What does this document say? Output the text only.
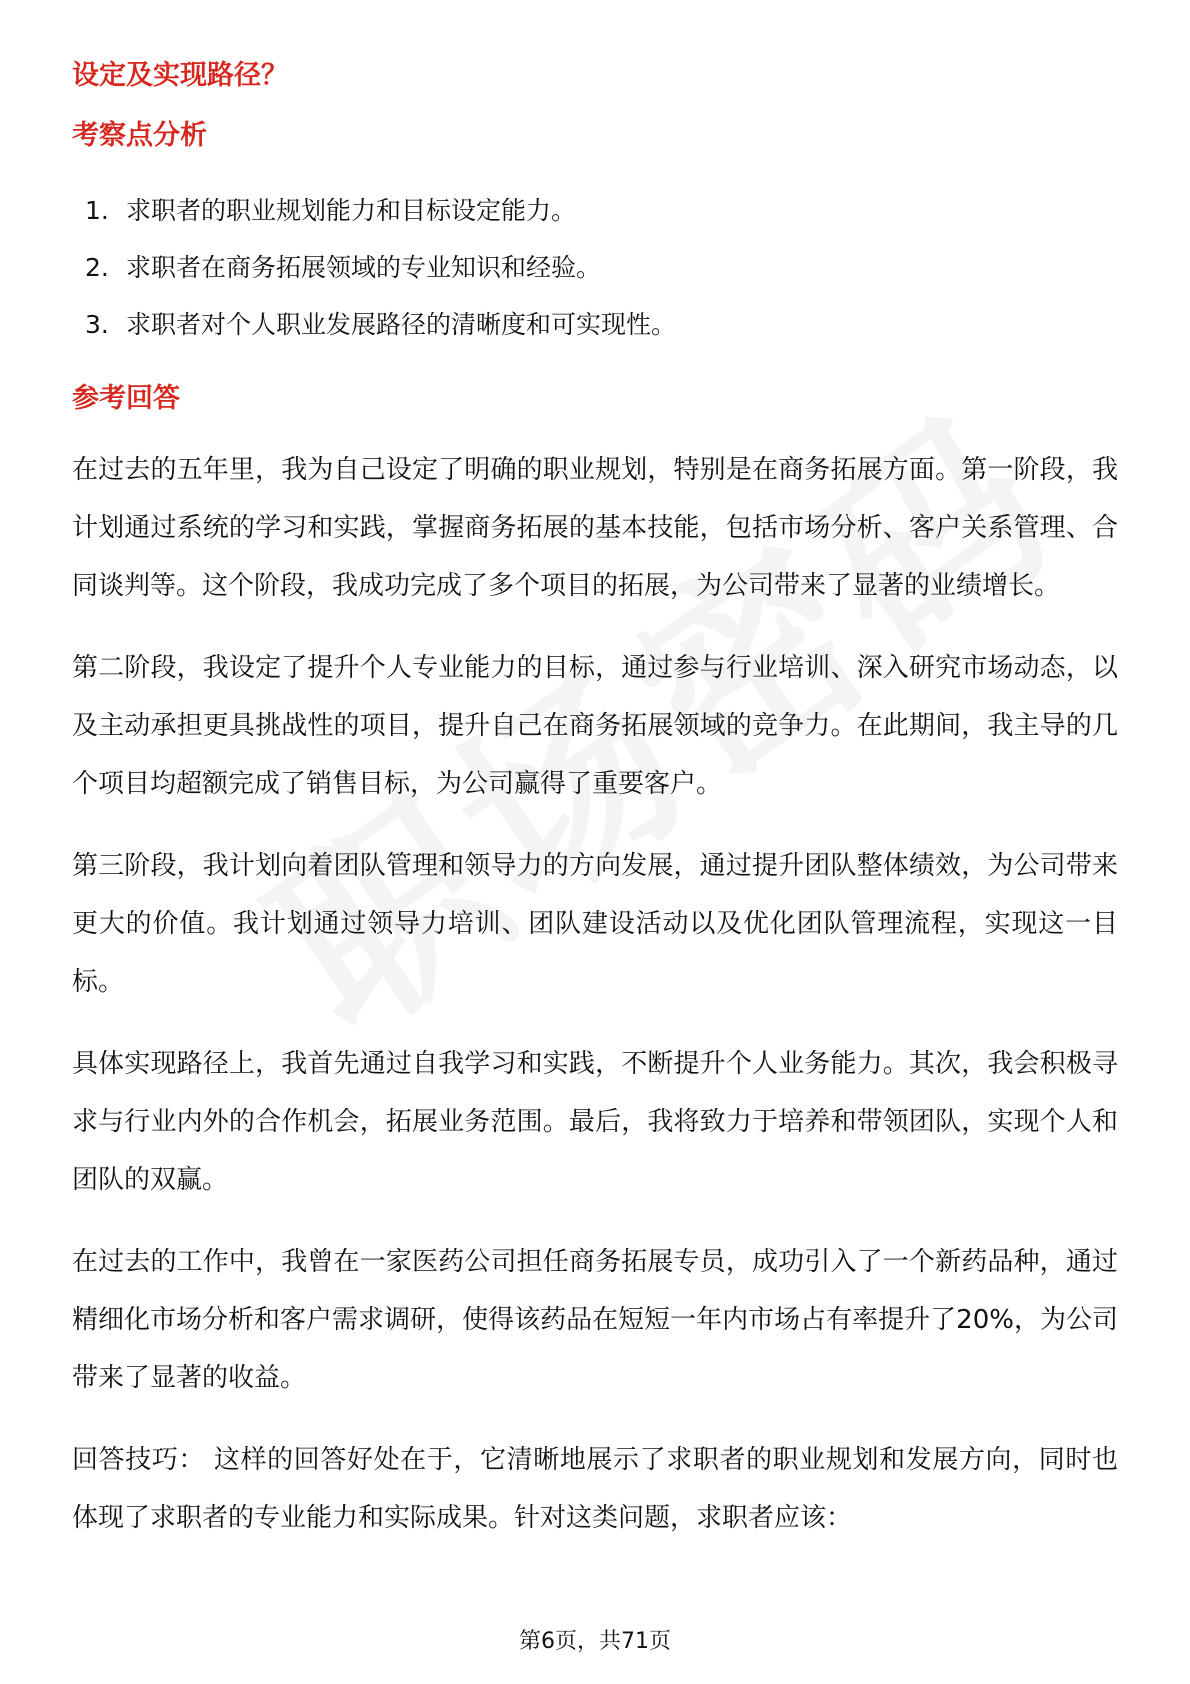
设定及实现路径？
考察点分析
1. 求职者的职业规划能力和目标设定能力。
2. 求职者在商务拓展领域的专业知识和经验。
3. 求职者对个人职业发展路径的清晰度和可实现性。
参考回答

在过去的五年里，我为自己设定了明确的职业规划，特别是在商务拓展方面。第一阶段，我计划通过系统的学习和实践，掌握商务拓展的基本技能，包括市场分析、客户关系管理、合同谈判等。这个阶段，我成功完成了多个项目的拓展，为公司带来了显著的业绩增长。

第二阶段，我设定了提升个人专业能力的目标，通过参与行业培训、深入研究市场动态，以及主动承担更具挑战性的项目，提升自己在商务拓展领域的竞争力。在此期间，我主导的几个项目均超额完成了销售目标，为公司赢得了重要客户。

第三阶段，我计划向着团队管理和领导力的方向发展，通过提升团队整体绩效，为公司带来更大的价值。我计划通过领导力培训、团队建设活动以及优化团队管理流程，实现这一目标。

具体实现路径上，我首先通过自我学习和实践，不断提升个人业务能力。其次，我会积极寻求与行业内外的合作机会，拓展业务范围。最后，我将致力于培养和带领团队，实现个人和团队的双赢。

在过去的工作中，我曾在一家医药公司担任商务拓展专员，成功引入了一个新药品种，通过精细化市场分析和客户需求调研，使得该药品在短短一年内市场占有率提升了20%，为公司带来了显著的收益。

回答技巧： 这样的回答好处在于，它清晰地展示了求职者的职业规划和发展方向，同时也体现了求职者的专业能力和实际成果。针对这类问题，求职者应该：

第6页，共71页
